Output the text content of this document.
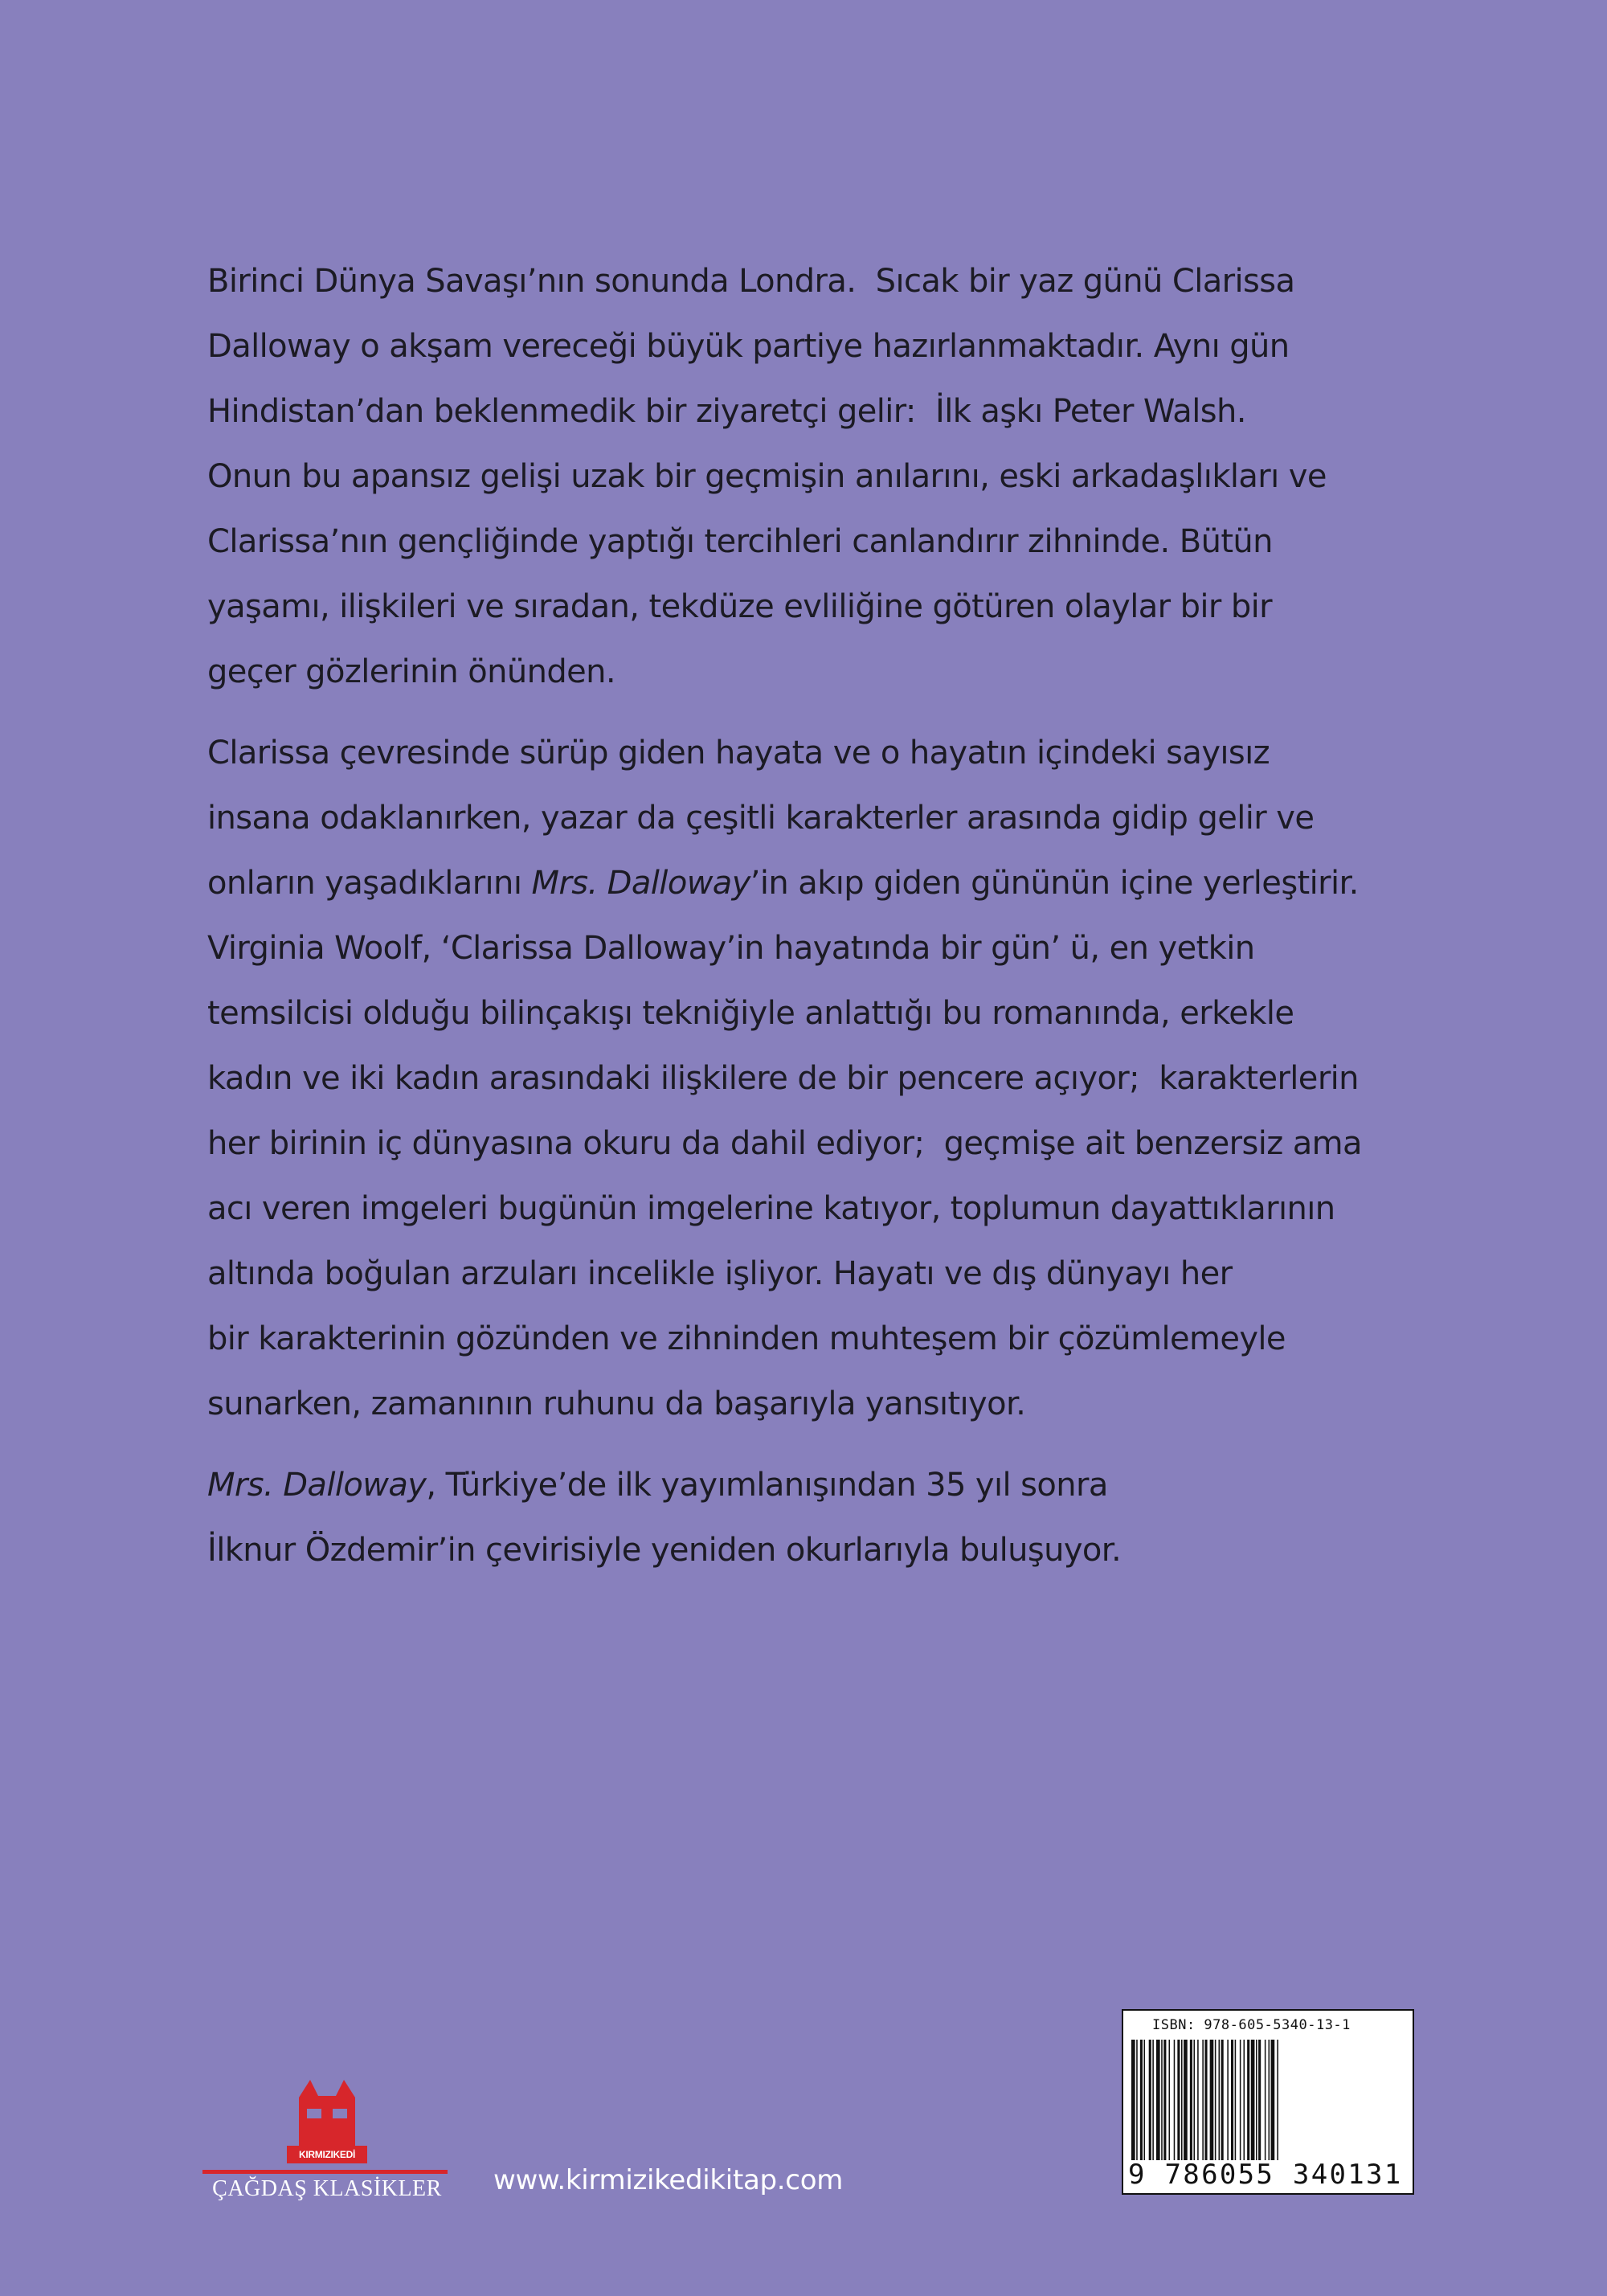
Birinci Dünya Savaşı’nın sonunda Londra.  Sıcak bir yaz günü Clarissa
Dalloway o akşam vereceği büyük partiye hazırlanmaktadır. Aynı gün
Hindistan’dan beklenmedik bir ziyaretçi gelir:  İlk aşkı Peter Walsh.
Onun bu apansız gelişi uzak bir geçmişin anılarını, eski arkadaşlıkları ve
Clarissa’nın gençliğinde yaptığı tercihleri canlandırır zihninde. Bütün
yaşamı, ilişkileri ve sıradan, tekdüze evliliğine götüren olaylar bir bir
geçer gözlerinin önünden.
Clarissa çevresinde sürüp giden hayata ve o hayatın içindeki sayısız
insana odaklanırken, yazar da çeşitli karakterler arasında gidip gelir ve
onların yaşadıklarını Mrs. Dalloway’in akıp giden gününün içine yerleştirir.
Virginia Woolf, ‘Clarissa Dalloway’in hayatında bir gün’ ü, en yetkin
temsilcisi olduğu bilinçakışı tekniğiyle anlattığı bu romanında, erkekle
kadın ve iki kadın arasındaki ilişkilere de bir pencere açıyor;  karakterlerin
her birinin iç dünyasına okuru da dahil ediyor;  geçmişe ait benzersiz ama
acı veren imgeleri bugünün imgelerine katıyor, toplumun dayattıklarının
altında boğulan arzuları incelikle işliyor. Hayatı ve dış dünyayı her
bir karakterinin gözünden ve zihninden muhteşem bir çözümlemeyle
sunarken, zamanının ruhunu da başarıyla yansıtıyor.
Mrs. Dalloway, Türkiye’de ilk yayımlanışından 35 yıl sonra
İlknur Özdemir’in çevirisiyle yeniden okurlarıyla buluşuyor.
KIRMIZIKEDİ
ÇAĞDAŞ KLASİKLER	www.kirmizikedikitap.com
ISBN: 978-605-5340-13-1
9 786055 340131
